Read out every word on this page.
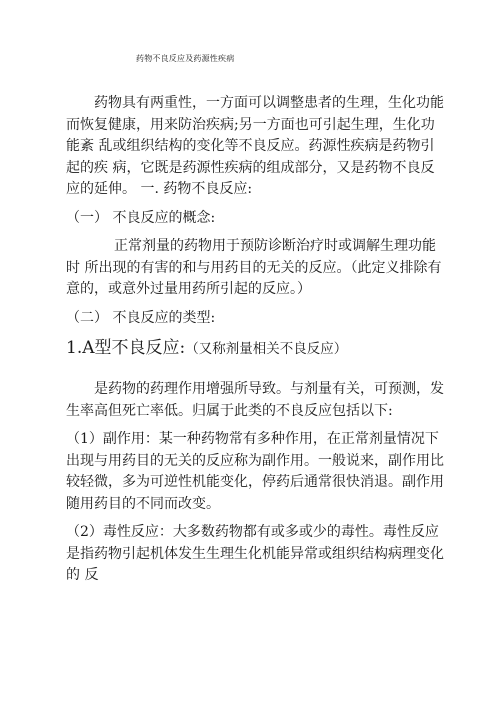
药物不良反应及药源性疾病

药物具有两重性，一方面可以调整患者的生理，生化功能而恢复健康，用来防治疾病;另一方面也可引起生理，生化功能紊 乱或组织结构的变化等不良反应。药源性疾病是药物引起的疾 病，它既是药源性疾病的组成部分，又是药物不良反应的延伸。 一. 药物不良反应:

（一） 不良反应的概念:

正常剂量的药物用于预防诊断治疗时或调解生理功能时 所出现的有害的和与用药目的无关的反应。（此定义排除有意的，或意外过量用药所引起的反应。）

（二） 不良反应的类型:

1.A型不良反应:（又称剂量相关不良反应）

是药物的药理作用增强所导致。与剂量有关，可预测，发生率高但死亡率低。归属于此类的不良反应包括以下:

（1）副作用：某一种药物常有多种作用，在正常剂量情况下出现与用药目的无关的反应称为副作用。一般说来，副作用比较轻微，多为可逆性机能变化，停药后通常很快消退。副作用随用药目的不同而改变。

（2）毒性反应：大多数药物都有或多或少的毒性。毒性反应是指药物引起机体发生生理生化机能异常或组织结构病理变化的 反
